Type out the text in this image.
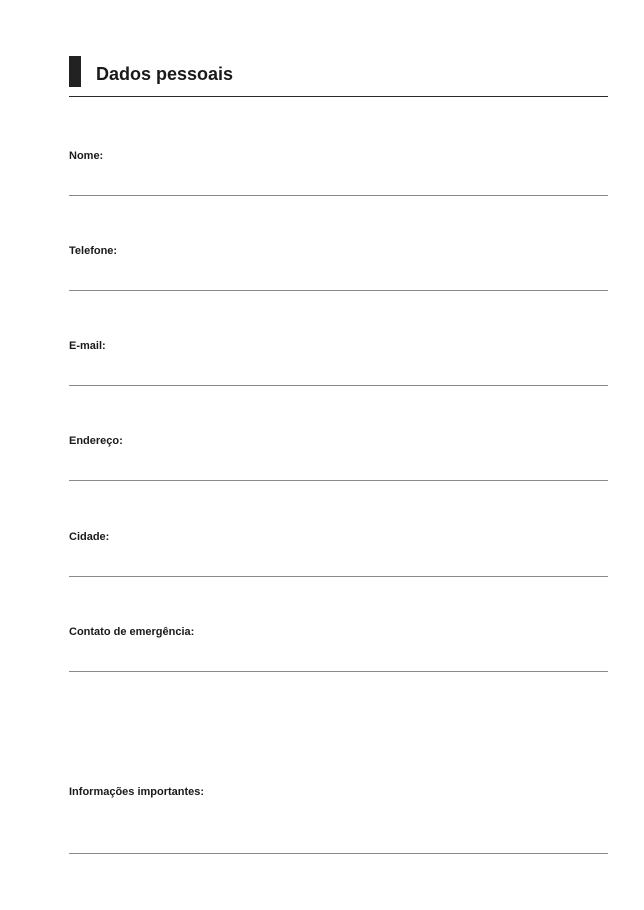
Dados pessoais
Nome:
Telefone:
E-mail:
Endereço:
Cidade:
Contato de emergência:
Informações importantes:
